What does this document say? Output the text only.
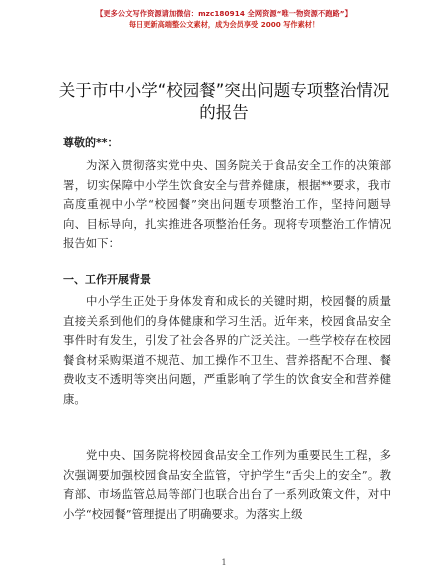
【更多公文写作资源请加微信：mzc180914 全网资源“唯一物资源不跑路”】
每日更新高端整公文素材，成为会员享受 2000 写作素材！
关于市中小学“校园餐”突出问题专项整治情况的报告
尊敬的**：
为深入贯彻落实党中央、国务院关于食品安全工作的决策部署，切实保障中小学生饮食安全与营养健康，根据**要求，我市高度重视中小学“校园餐”突出问题专项整治工作，坚持问题导向、目标导向，扎实推进各项整治任务。现将专项整治工作情况报告如下：
一、工作开展背景
中小学生正处于身体发育和成长的关键时期，校园餐的质量直接关系到他们的身体健康和学习生活。近年来，校园食品安全事件时有发生，引发了社会各界的广泛关注。一些学校存在校园餐食材采购渠道不规范、加工操作不卫生、营养搭配不合理、餐费收支不透明等突出问题，严重影响了学生的饮食安全和营养健康。
党中央、国务院将校园食品安全工作列为重要民生工程，多次强调要加强校园食品安全监管，守护学生“舌尖上的安全”。教育部、市场监管总局等部门也联合出台了一系列政策文件，对中小学“校园餐”管理提出了明确要求。为落实上级
1
